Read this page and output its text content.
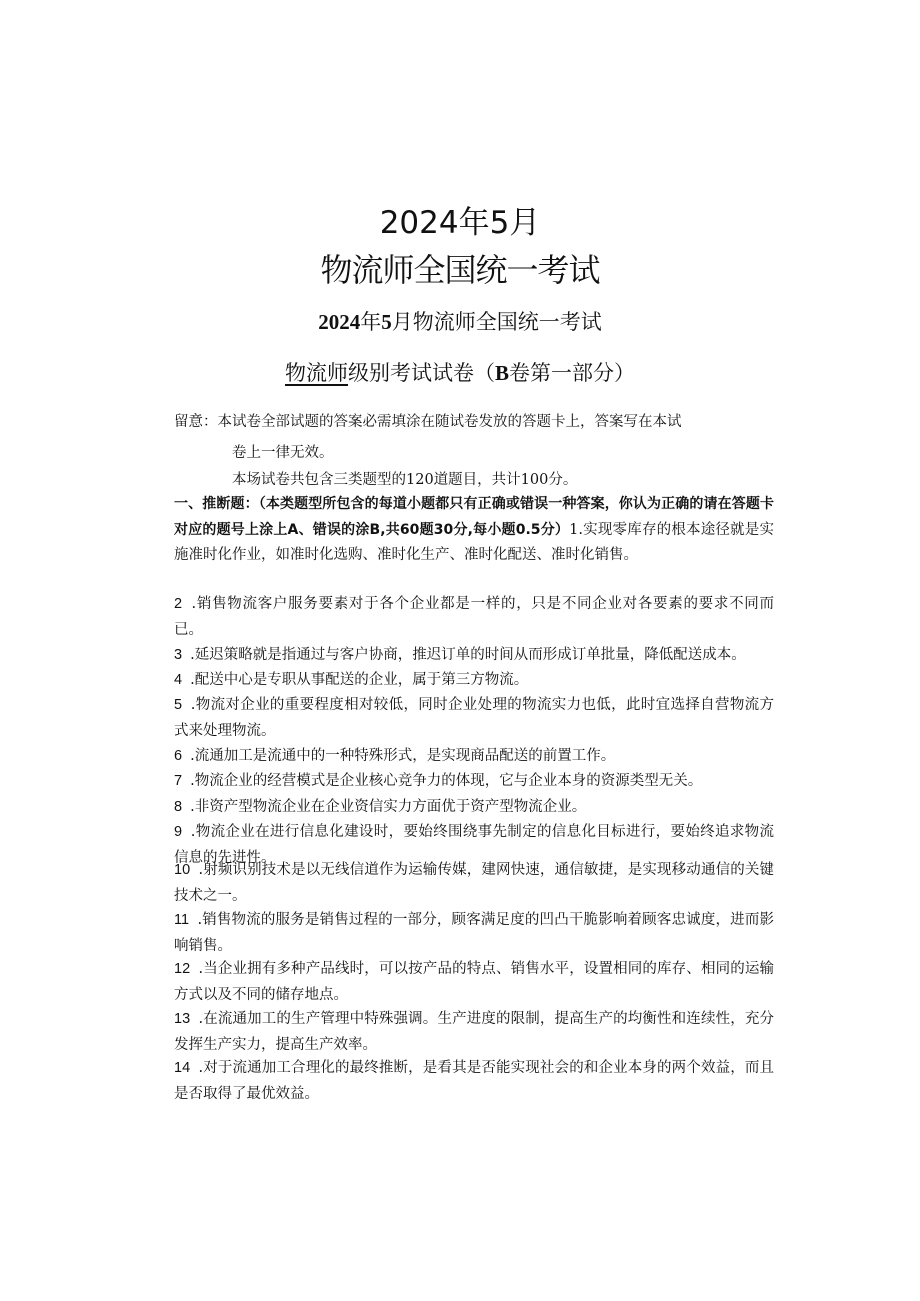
2024年5月
物流师全国统一考试
2024年5月物流师全国统一考试
物流师级别考试试卷（B卷第一部分）
留意：本试卷全部试题的答案必需填涂在随试卷发放的答题卡上，答案写在本试
卷上一律无效。
本场试卷共包含三类题型的120道题目，共计100分。
一、推断题：（本类题型所包含的每道小题都只有正确或错误一种答案，你认为正确的请在答题卡对应的题号上涂上A、错误的涂B,共60题30分,每小题0.5分）1.实现零库存的根本途径就是实施准时化作业，如准时化选购、准时化生产、准时化配送、准时化销售。
2  .销售物流客户服务要素对于各个企业都是一样的，只是不同企业对各要素的要求不同而已。
3  .延迟策略就是指通过与客户协商，推迟订单的时间从而形成订单批量，降低配送成本。
4  .配送中心是专职从事配送的企业，属于第三方物流。
5  .物流对企业的重要程度相对较低，同时企业处理的物流实力也低，此时宜选择自营物流方式来处理物流。
6  .流通加工是流通中的一种特殊形式，是实现商品配送的前置工作。
7  .物流企业的经营模式是企业核心竞争力的体现，它与企业本身的资源类型无关。
8  .非资产型物流企业在企业资信实力方面优于资产型物流企业。
9  .物流企业在进行信息化建设时，要始终围绕事先制定的信息化目标进行，要始终追求物流信息的先进性。
10  .射频识别技术是以无线信道作为运输传媒，建网快速，通信敏捷，是实现移动通信的关键技术之一。
11  .销售物流的服务是销售过程的一部分，顾客满足度的凹凸干脆影响着顾客忠诚度，进而影响销售。
12  .当企业拥有多种产品线时，可以按产品的特点、销售水平，设置相同的库存、相同的运输方式以及不同的储存地点。
13  .在流通加工的生产管理中特殊强调。生产进度的限制，提高生产的均衡性和连续性，充分发挥生产实力，提高生产效率。
14  .对于流通加工合理化的最终推断，是看其是否能实现社会的和企业本身的两个效益，而且是否取得了最优效益。
